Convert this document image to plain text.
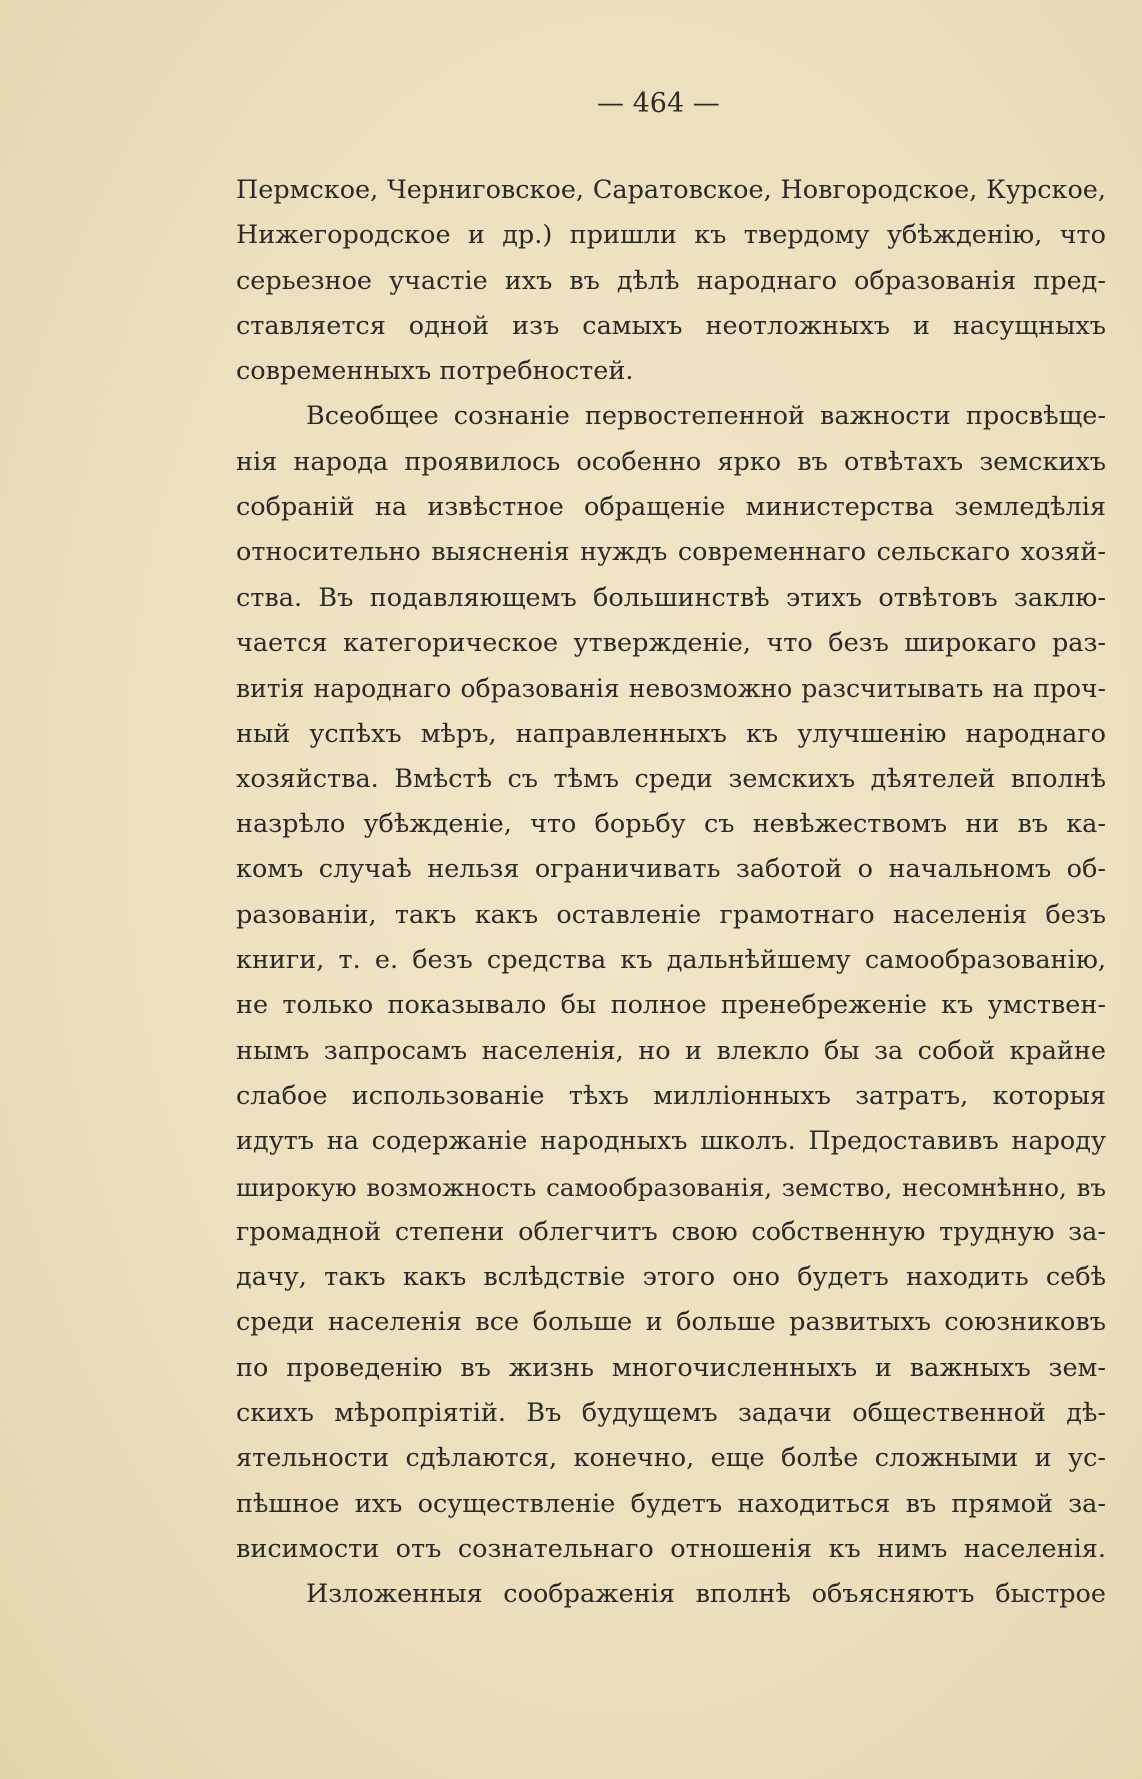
— 464 —
Пермское, Черниговское, Саратовское, Новгородское, Курское,
Нижегородское и др.) пришли къ твердому убѣжденію, что
серьезное участіе ихъ въ дѣлѣ народнаго образованія пред-
ставляется одной изъ самыхъ неотложныхъ и насущныхъ
современныхъ потребностей.
Всеобщее сознаніе первостепенной важности просвѣще-
нія народа проявилось особенно ярко въ отвѣтахъ земскихъ
собраній на извѣстное обращеніе министерства земледѣлія
относительно выясненія нуждъ современнаго сельскаго хозяй-
ства. Въ подавляющемъ большинствѣ этихъ отвѣтовъ заклю-
чается категорическое утвержденіе, что безъ широкаго раз-
витія народнаго образованія невозможно разсчитывать на проч-
ный успѣхъ мѣръ, направленныхъ къ улучшенію народнаго
хозяйства. Вмѣстѣ съ тѣмъ среди земскихъ дѣятелей вполнѣ
назрѣло убѣжденіе, что борьбу съ невѣжествомъ ни въ ка-
комъ случаѣ нельзя ограничивать заботой о начальномъ об-
разованіи, такъ какъ оставленіе грамотнаго населенія безъ
книги, т. е. безъ средства къ дальнѣйшему самообразованію,
не только показывало бы полное пренебреженіе къ умствен-
нымъ запросамъ населенія, но и влекло бы за собой крайне
слабое использованіе тѣхъ милліонныхъ затратъ, которыя
идутъ на содержаніе народныхъ школъ. Предоставивъ народу
широкую возможность самообразованія, земство, несомнѣнно, въ
громадной степени облегчитъ свою собственную трудную за-
дачу, такъ какъ вслѣдствіе этого оно будетъ находить себѣ
среди населенія все больше и больше развитыхъ союзниковъ
по проведенію въ жизнь многочисленныхъ и важныхъ зем-
скихъ мѣропріятій. Въ будущемъ задачи общественной дѣ-
ятельности сдѣлаются, конечно, еще болѣе сложными и ус-
пѣшное ихъ осуществленіе будетъ находиться въ прямой за-
висимости отъ сознательнаго отношенія къ нимъ населенія.
Изложенныя соображенія вполнѣ объясняютъ быстрое
